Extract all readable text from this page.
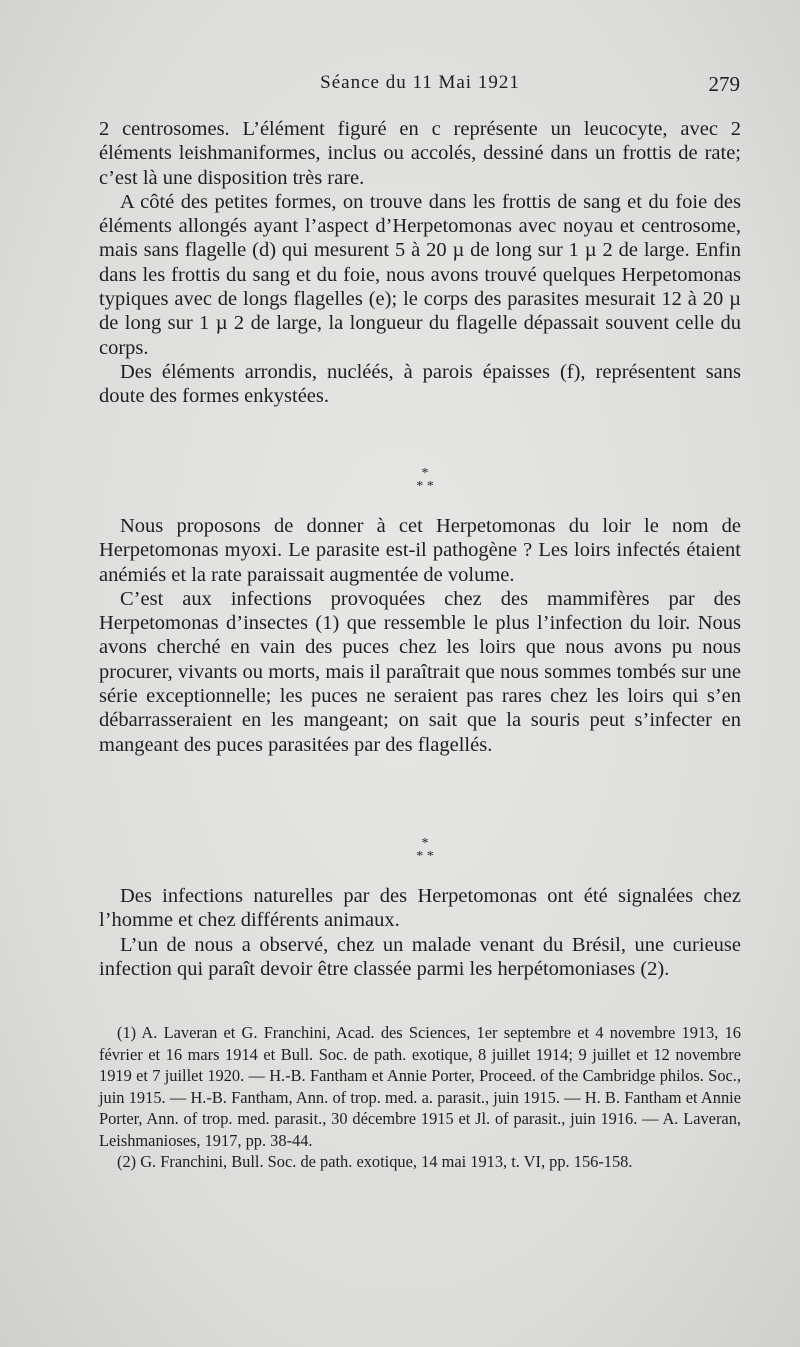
Séance du 11 Mai 1921	279

2 centrosomes. L’élément figuré en c représente un leucocyte, avec 2 éléments leishmaniformes, inclus ou accolés, dessiné dans un frottis de rate; c’est là une disposition très rare.

A côté des petites formes, on trouve dans les frottis de sang et du foie des éléments allongés ayant l’aspect d’Herpetomonas avec noyau et centrosome, mais sans flagelle (d) qui mesurent 5 à 20 µ de long sur 1 µ 2 de large. Enfin dans les frottis du sang et du foie, nous avons trouvé quelques Herpetomonas typiques avec de longs flagelles (e); le corps des parasites mesurait 12 à 20 µ de long sur 1 µ 2 de large, la longueur du flagelle dépassait souvent celle du corps.

Des éléments arrondis, nucléés, à parois épaisses (f), représentent sans doute des formes enkystées.

*
* *

Nous proposons de donner à cet Herpetomonas du loir le nom de Herpetomonas myoxi. Le parasite est-il pathogène ? Les loirs infectés étaient anémiés et la rate paraissait augmentée de volume.

C’est aux infections provoquées chez des mammifères par des Herpetomonas d’insectes (1) que ressemble le plus l’infection du loir. Nous avons cherché en vain des puces chez les loirs que nous avons pu nous procurer, vivants ou morts, mais il paraîtrait que nous sommes tombés sur une série exceptionnelle; les puces ne seraient pas rares chez les loirs qui s’en débarrasseraient en les mangeant; on sait que la souris peut s’infecter en mangeant des puces parasitées par des flagellés.

*
* *

Des infections naturelles par des Herpetomonas ont été signalées chez l’homme et chez différents animaux.

L’un de nous a observé, chez un malade venant du Brésil, une curieuse infection qui paraît devoir être classée parmi les herpétomoniases (2).

(1) A. Laveran et G. Franchini, Acad. des Sciences, 1er septembre et 4 novembre 1913, 16 février et 16 mars 1914 et Bull. Soc. de path. exotique, 8 juillet 1914; 9 juillet et 12 novembre 1919 et 7 juillet 1920. — H.-B. Fantham et Annie Porter, Proceed. of the Cambridge philos. Soc., juin 1915. — H.-B. Fantham, Ann. of trop. med. a. parasit., juin 1915. — H. B. Fantham et Annie Porter, Ann. of trop. med. parasit., 30 décembre 1915 et Jl. of parasit., juin 1916. — A. Laveran, Leishmanioses, 1917, pp. 38-44.

(2) G. Franchini, Bull. Soc. de path. exotique, 14 mai 1913, t. VI, pp. 156-158.
